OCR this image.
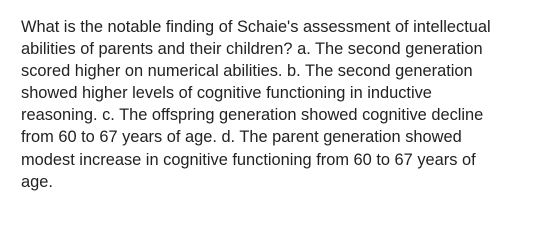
What is the notable finding of Schaie's assessment of intellectual
abilities of parents and their children? a. The second generation
scored higher on numerical abilities. b. The second generation
showed higher levels of cognitive functioning in inductive
reasoning. c. The offspring generation showed cognitive decline
from 60 to 67 years of age. d. The parent generation showed
modest increase in cognitive functioning from 60 to 67 years of
age.
